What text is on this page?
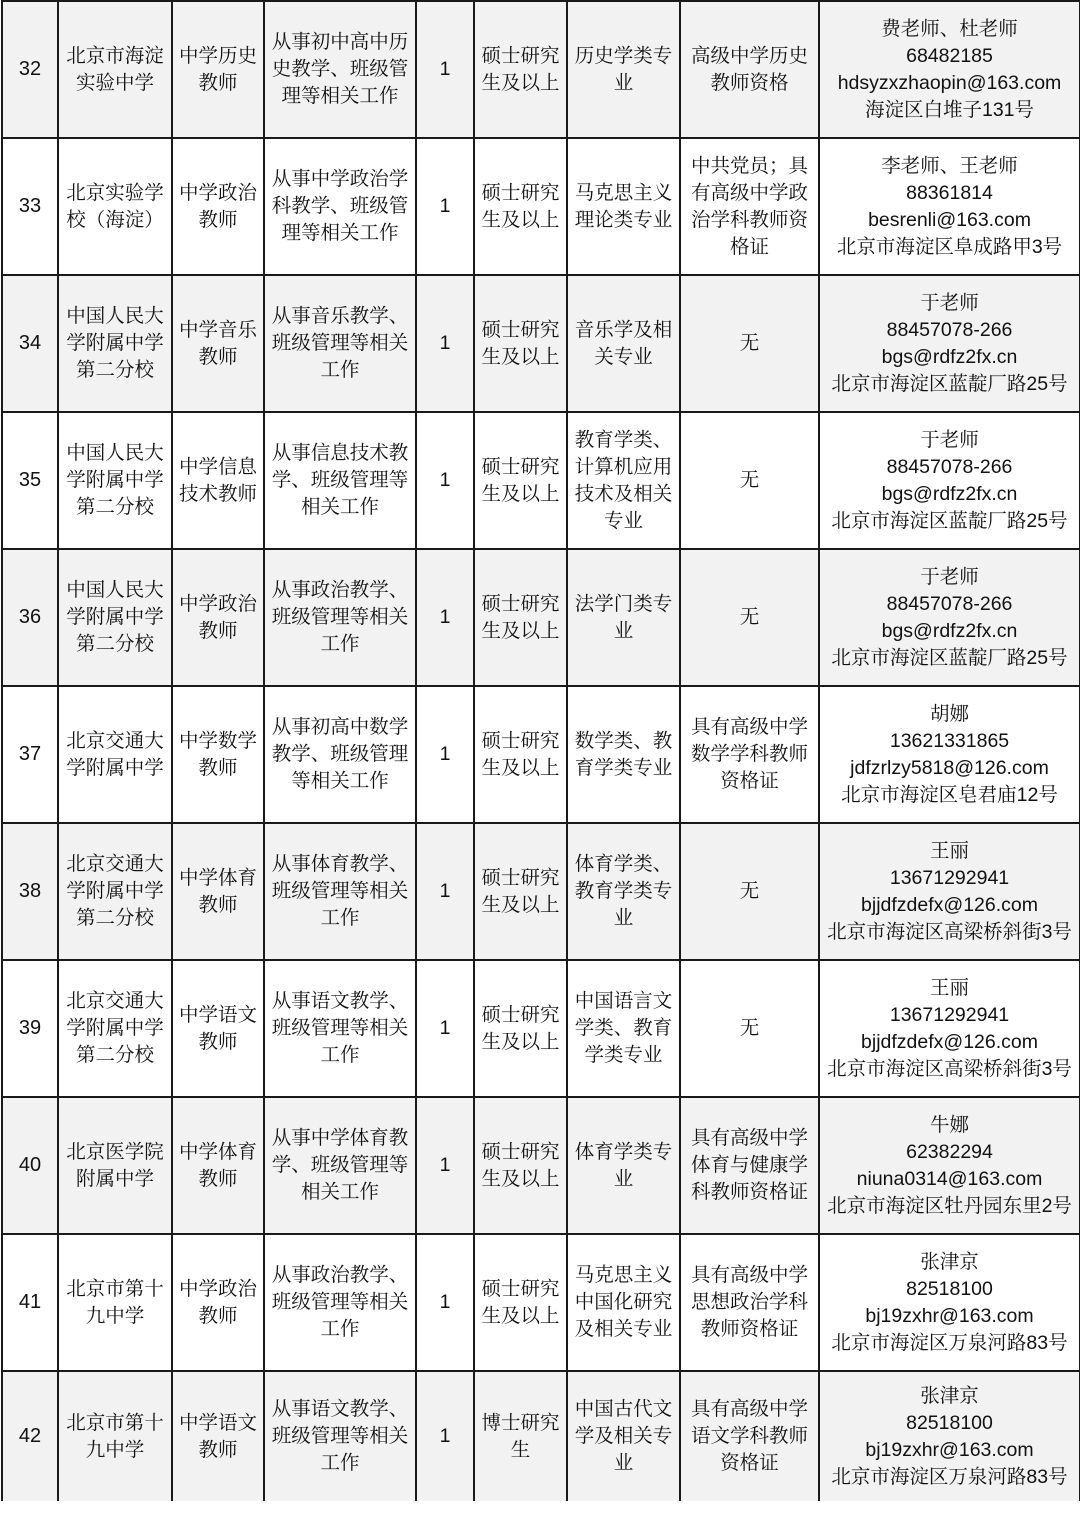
32	北京市海淀
实验中学	中学历史
教师	从事初中高中历
史教学、班级管
理等相关工作	1	硕士研究
生及以上	历史学类专
业	高级中学历史
教师资格	费老师、杜老师
68482185
hdsyzxzhaopin@163.com
海淀区白堆子131号
33	北京实验学
校（海淀）	中学政治
教师	从事中学政治学
科教学、班级管
理等相关工作	1	硕士研究
生及以上	马克思主义
理论类专业	中共党员；具
有高级中学政
治学科教师资
格证	李老师、王老师
88361814
besrenli@163.com
北京市海淀区阜成路甲3号
34	中国人民大
学附属中学
第二分校	中学音乐
教师	从事音乐教学、
班级管理等相关
工作	1	硕士研究
生及以上	音乐学及相
关专业	无	于老师
88457078-266
bgs@rdfz2fx.cn
北京市海淀区蓝靛厂路25号
35	中国人民大
学附属中学
第二分校	中学信息
技术教师	从事信息技术教
学、班级管理等
相关工作	1	硕士研究
生及以上	教育学类、
计算机应用
技术及相关
专业	无	于老师
88457078-266
bgs@rdfz2fx.cn
北京市海淀区蓝靛厂路25号
36	中国人民大
学附属中学
第二分校	中学政治
教师	从事政治教学、
班级管理等相关
工作	1	硕士研究
生及以上	法学门类专
业	无	于老师
88457078-266
bgs@rdfz2fx.cn
北京市海淀区蓝靛厂路25号
37	北京交通大
学附属中学	中学数学
教师	从事初高中数学
教学、班级管理
等相关工作	1	硕士研究
生及以上	数学类、教
育学类专业	具有高级中学
数学学科教师
资格证	胡娜
13621331865
jdfzrlzy5818@126.com
北京市海淀区皂君庙12号
38	北京交通大
学附属中学
第二分校	中学体育
教师	从事体育教学、
班级管理等相关
工作	1	硕士研究
生及以上	体育学类、
教育学类专
业	无	王丽
13671292941
bjjdfzdefx@126.com
北京市海淀区高梁桥斜街3号
39	北京交通大
学附属中学
第二分校	中学语文
教师	从事语文教学、
班级管理等相关
工作	1	硕士研究
生及以上	中国语言文
学类、教育
学类专业	无	王丽
13671292941
bjjdfzdefx@126.com
北京市海淀区高梁桥斜街3号
40	北京医学院
附属中学	中学体育
教师	从事中学体育教
学、班级管理等
相关工作	1	硕士研究
生及以上	体育学类专
业	具有高级中学
体育与健康学
科教师资格证	牛娜
62382294
niuna0314@163.com
北京市海淀区牡丹园东里2号
41	北京市第十
九中学	中学政治
教师	从事政治教学、
班级管理等相关
工作	1	硕士研究
生及以上	马克思主义
中国化研究
及相关专业	具有高级中学
思想政治学科
教师资格证	张津京
82518100
bj19zxhr@163.com
北京市海淀区万泉河路83号
42	北京市第十
九中学	中学语文
教师	从事语文教学、
班级管理等相关
工作	1	博士研究
生	中国古代文
学及相关专
业	具有高级中学
语文学科教师
资格证	张津京
82518100
bj19zxhr@163.com
北京市海淀区万泉河路83号
